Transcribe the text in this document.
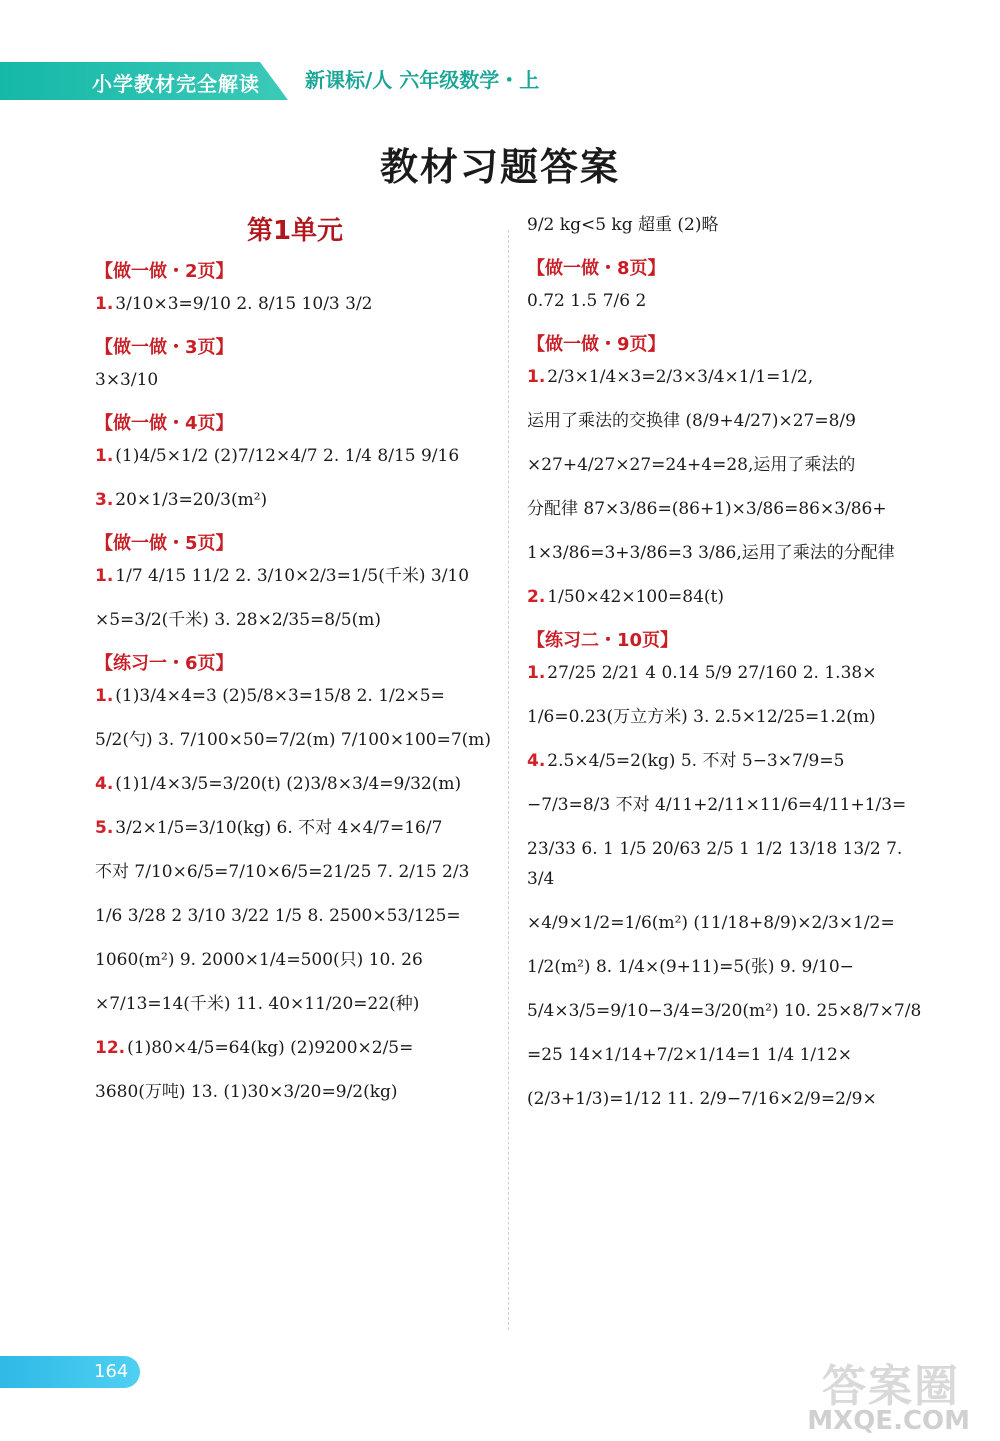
小学教材完全解读 新课标/人 六年级数学・上
教材习题答案
第1单元
【做一做・2页】
1. 3/10×3=9/10 2. 8/15 10/3 3/2
【做一做・3页】
3×3/10
【做一做・4页】
1. (1)4/5×1/2 (2)7/12×4/7 2. 1/4 8/15 9/16
3. 20×1/3=20/3(m²)
【做一做・5页】
1. 1/7 4/15 11/2 2. 3/10×2/3=1/5(千米) 3/10
×5=3/2(千米) 3. 28×2/35=8/5(m)
【练习一・6页】
1. (1)3/4×4=3 (2)5/8×3=15/8 2. 1/2×5=
5/2(勺) 3. 7/100×50=7/2(m) 7/100×100=7(m)
4. (1)1/4×3/5=3/20(t) (2)3/8×3/4=9/32(m)
5. 3/2×1/5=3/10(kg) 6. 不对 4×4/7=16/7
不对 7/10×6/5=7/10×6/5=21/25 7. 2/15 2/3
1/6 3/28 2 3/10 3/22 1/5 8. 2500×53/125=
1060(m²) 9. 2000×1/4=500(只) 10. 26
×7/13=14(千米) 11. 40×11/20=22(种)
12. (1)80×4/5=64(kg) (2)9200×2/5=
3680(万吨) 13. (1)30×3/20=9/2(kg)
9/2 kg<5 kg 超重 (2)略
【做一做・8页】
0.72 1.5 7/6 2
【做一做・9页】
1. 2/3×1/4×3=2/3×3/4×1/1=1/2,
运用了乘法的交换律 (8/9+4/27)×27=8/9
×27+4/27×27=24+4=28,运用了乘法的
分配律 87×3/86=(86+1)×3/86=86×3/86+
1×3/86=3+3/86=3 3/86,运用了乘法的分配律
2. 1/50×42×100=84(t)
【练习二・10页】
1. 27/25 2/21 4 0.14 5/9 27/160 2. 1.38×
1/6=0.23(万立方米) 3. 2.5×12/25=1.2(m)
4. 2.5×4/5=2(kg) 5. 不对 5−3×7/9=5
−7/3=8/3 不对 4/11+2/11×11/6=4/11+1/3=
23/33 6. 1 1/5 20/63 2/5 1 1/2 13/18 13/2 7. 3/4
×4/9×1/2=1/6(m²) (11/18+8/9)×2/3×1/2=
1/2(m²) 8. 1/4×(9+11)=5(张) 9. 9/10−
5/4×3/5=9/10−3/4=3/20(m²) 10. 25×8/7×7/8
=25 14×1/14+7/2×1/14=1 1/4 1/12×
(2/3+1/3)=1/12 11. 2/9−7/16×2/9=2/9×
164	答案圈
MXQE.COM
